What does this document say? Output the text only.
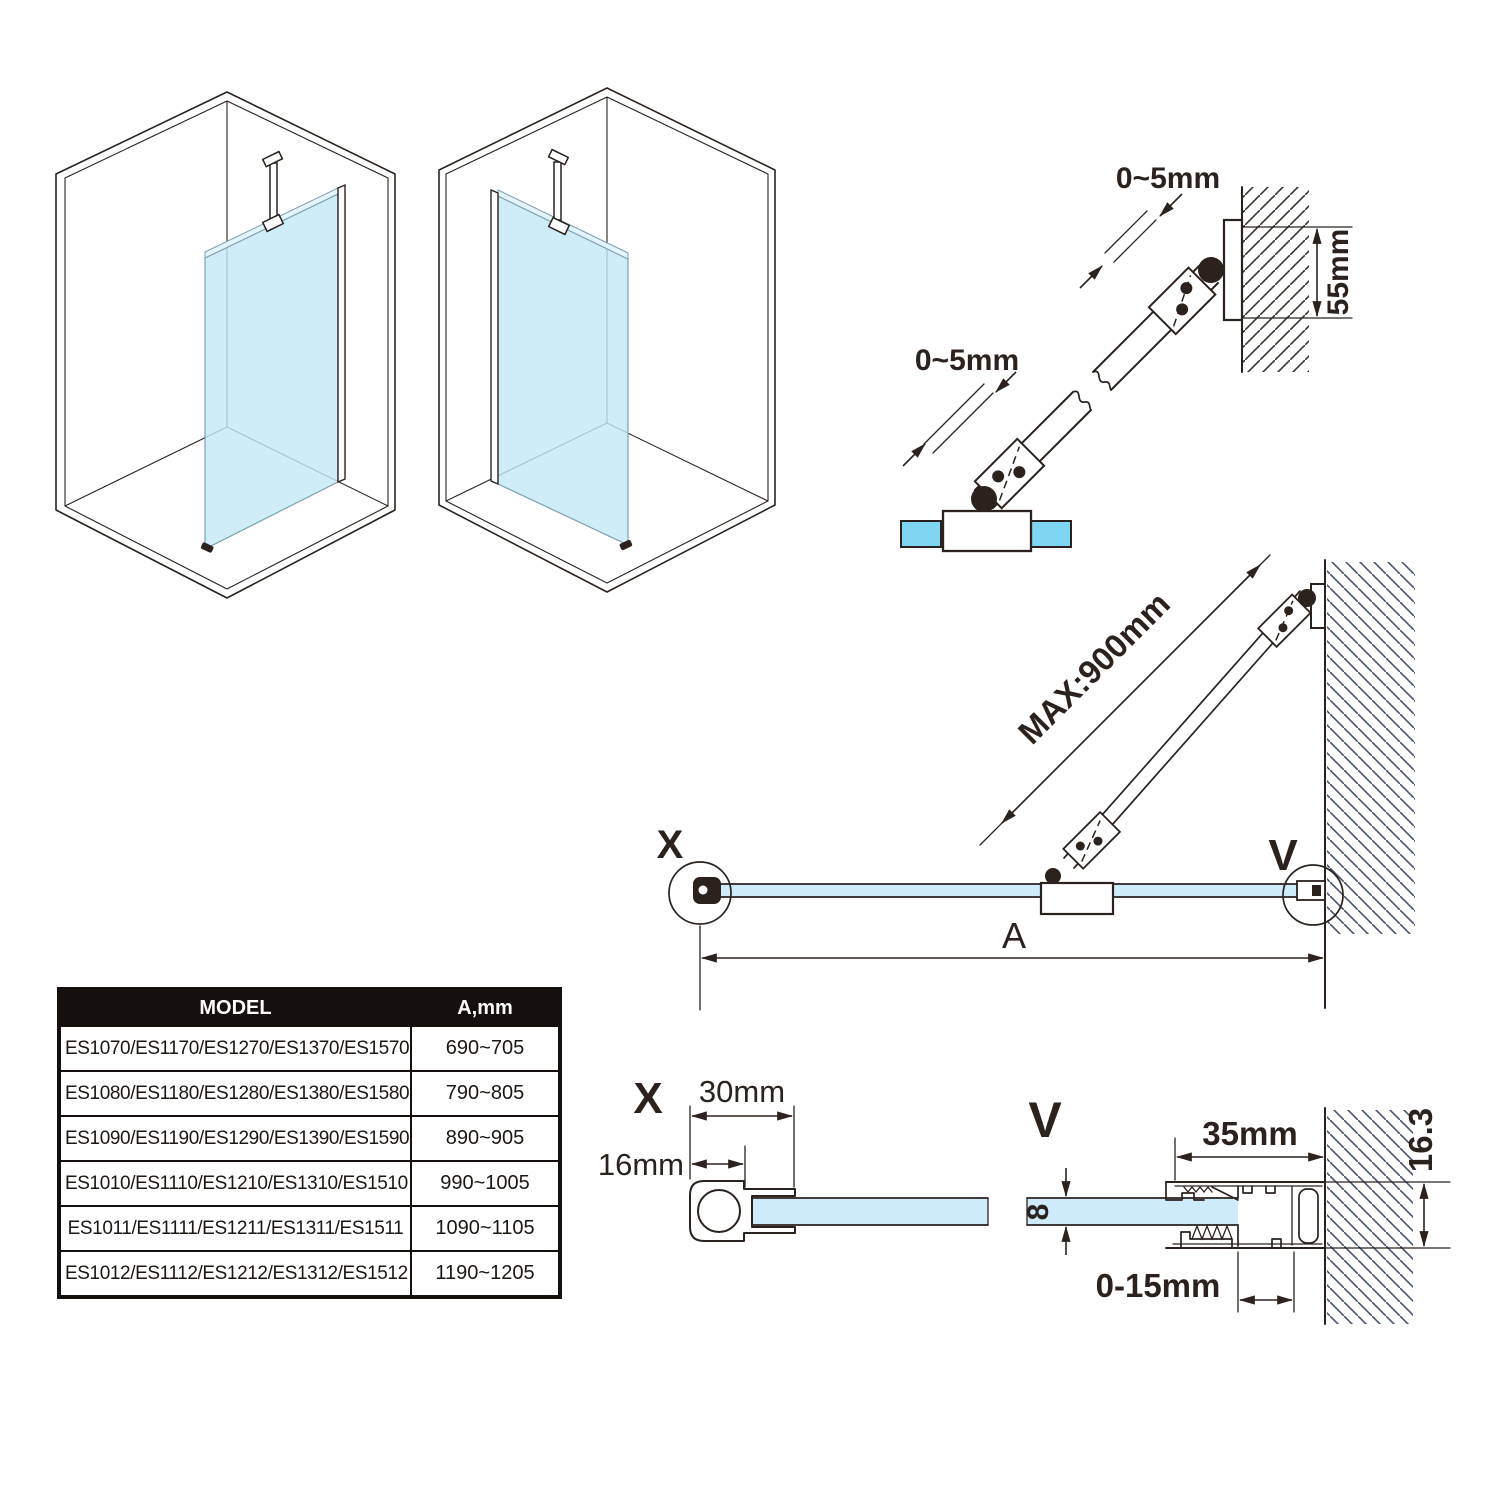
55mm
0~5mm
0~5mm
X	V
MAX:900mm
A
X 30mm
16mm
V	35mm	16.3
8
0-15mm
MODEL	A,mm
ES1070/ES1170/ES1270/ES1370/ES1570	690~705
ES1080/ES1180/ES1280/ES1380/ES1580	790~805
ES1090/ES1190/ES1290/ES1390/ES1590	890~905
ES1010/ES1110/ES1210/ES1310/ES1510	990~1005
ES1011/ES1111/ES1211/ES1311/ES1511	1090~1105
ES1012/ES1112/ES1212/ES1312/ES1512	1190~1205
